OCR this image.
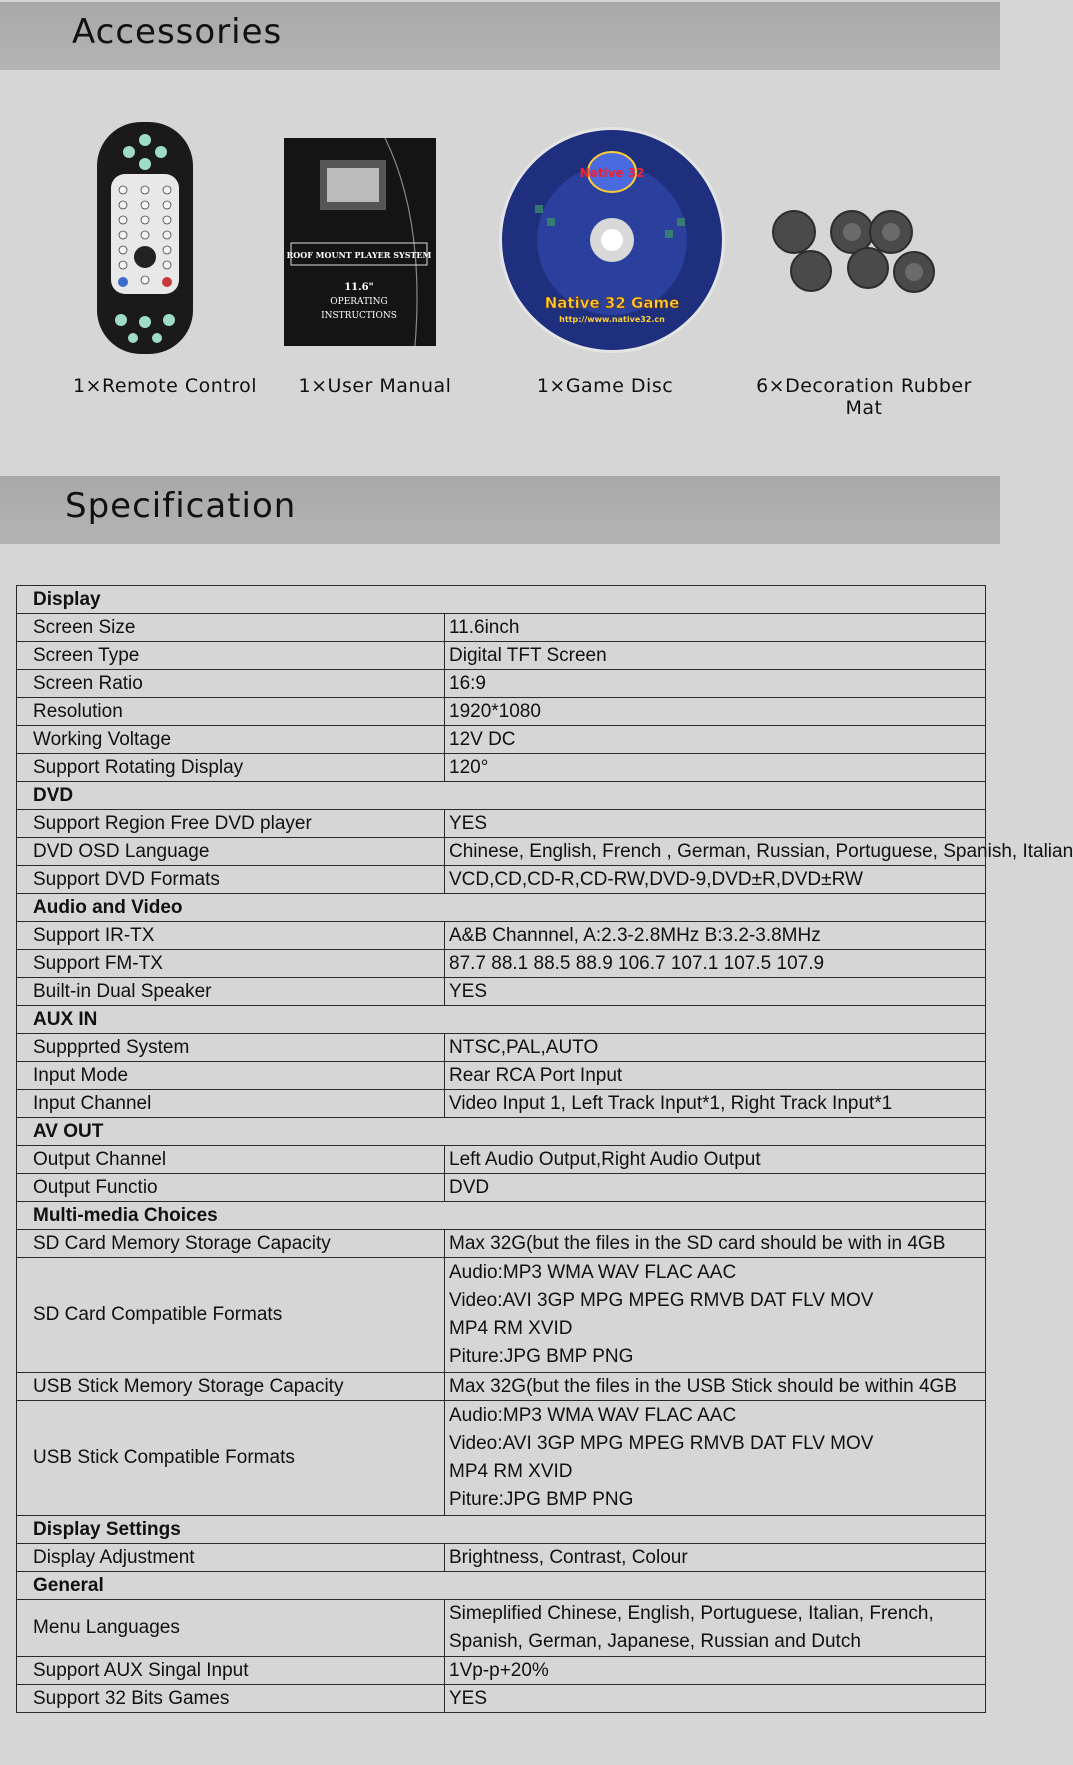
Accessories
1×Remote Control
ROOF MOUNT PLAYER SYSTEM
11.6"
OPERATING
INSTRUCTIONS
1×User Manual
Native 32
Native 32 Game
http://www.native32.cn
1×Game Disc	6×Decoration Rubber Mat
Specification
Display	
Screen Size	11.6inch
Screen Type	Digital TFT Screen
Screen Ratio	16:9
Resolution	1920*1080
Working Voltage	12V DC
Support Rotating Display	120°
DVD	
Support Region Free DVD player	YES
DVD OSD Language	Chinese, English, French , German, Russian, Portuguese, Spanish, Italian
Support DVD Formats	VCD,CD,CD-R,CD-RW,DVD-9,DVD±R,DVD±RW
Audio and Video	
Support IR-TX	A&B Channnel, A:2.3-2.8MHz B:3.2-3.8MHz
Support FM-TX	87.7 88.1 88.5 88.9 106.7 107.1 107.5 107.9
Built-in Dual Speaker	YES
AUX IN	
Suppprted System	NTSC,PAL,AUTO
Input Mode	Rear RCA Port Input
Input Channel	Video Input 1, Left Track Input*1, Right Track Input*1
AV OUT	
Output Channel	Left Audio Output,Right Audio Output
Output Functio	DVD
Multi-media Choices	
SD Card Memory Storage Capacity	Max 32G(but the files in the SD card should be with in 4GB
SD Card Compatible Formats	Audio:MP3 WMA WAV FLAC AAC
Video:AVI 3GP MPG MPEG RMVB DAT FLV MOV
MP4 RM XVID
Piture:JPG BMP PNG

USB Stick Memory Storage Capacity	Max 32G(but the files in the USB Stick should be within 4GB
USB Stick Compatible Formats	Audio:MP3 WMA WAV FLAC AAC
Video:AVI 3GP MPG MPEG RMVB DAT FLV MOV
MP4 RM XVID
Piture:JPG BMP PNG

Display Settings	
Display Adjustment	Brightness, Contrast, Colour
General	
Menu Languages	Simeplified Chinese, English, Portuguese, Italian, French,
Spanish, German, Japanese, Russian and Dutch

Support AUX Singal Input	1Vp-p+20%
Support 32 Bits Games	YES
